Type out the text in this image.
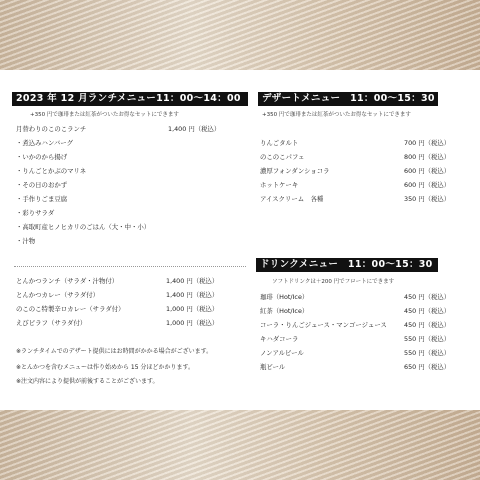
2023 年 12 月ランチメニュー11：00～14：00
+350 円で珈琲または紅茶がついたお得なセットにできます
月替わりのこのこランチ	1,400 円（税込）
・煮込みハンバーグ
・いかのから揚げ
・りんごとかぶのマリネ
・その日のおかず
・手作りごま豆腐
・彩りサラダ
・高取町産ヒノヒカリのごはん（大・中・小）
・汁物
とんかつランチ（サラダ・汁物付）	1,400 円（税込）
とんかつカレー（サラダ付）	1,400 円（税込）
のこのこ特製辛ロカレー（サラダ付）	1,000 円（税込）
えびピラフ（サラダ付）	1,000 円（税込）
※ランチタイムでのデザート提供にはお時間がかかる場合がございます。
※とんかつを含むメニューは作り始めから 15 分ほどかかります。
※注文内容により提供が前後することがございます。
デザートメニュー　11：00～15：30
+350 円で珈琲または紅茶がついたお得なセットにできます
りんごタルト	700 円（税込）
のこのこパフェ	800 円（税込）
濃厚フォンダンショコラ	600 円（税込）
ホットケーキ	600 円（税込）
アイスクリーム　各種	350 円（税込）
ドリンクメニュー　11：00～15：30
ソフトドリンクは＋200 円でフロートにできます
珈琲（Hot/Ice）	450 円（税込）
紅茶（Hot/Ice）	450 円（税込）
コーラ・りんごジュース・マンゴージュース	450 円（税込）
キハダコーラ	550 円（税込）
ノンアルビール	550 円（税込）
瓶ビール	650 円（税込）
